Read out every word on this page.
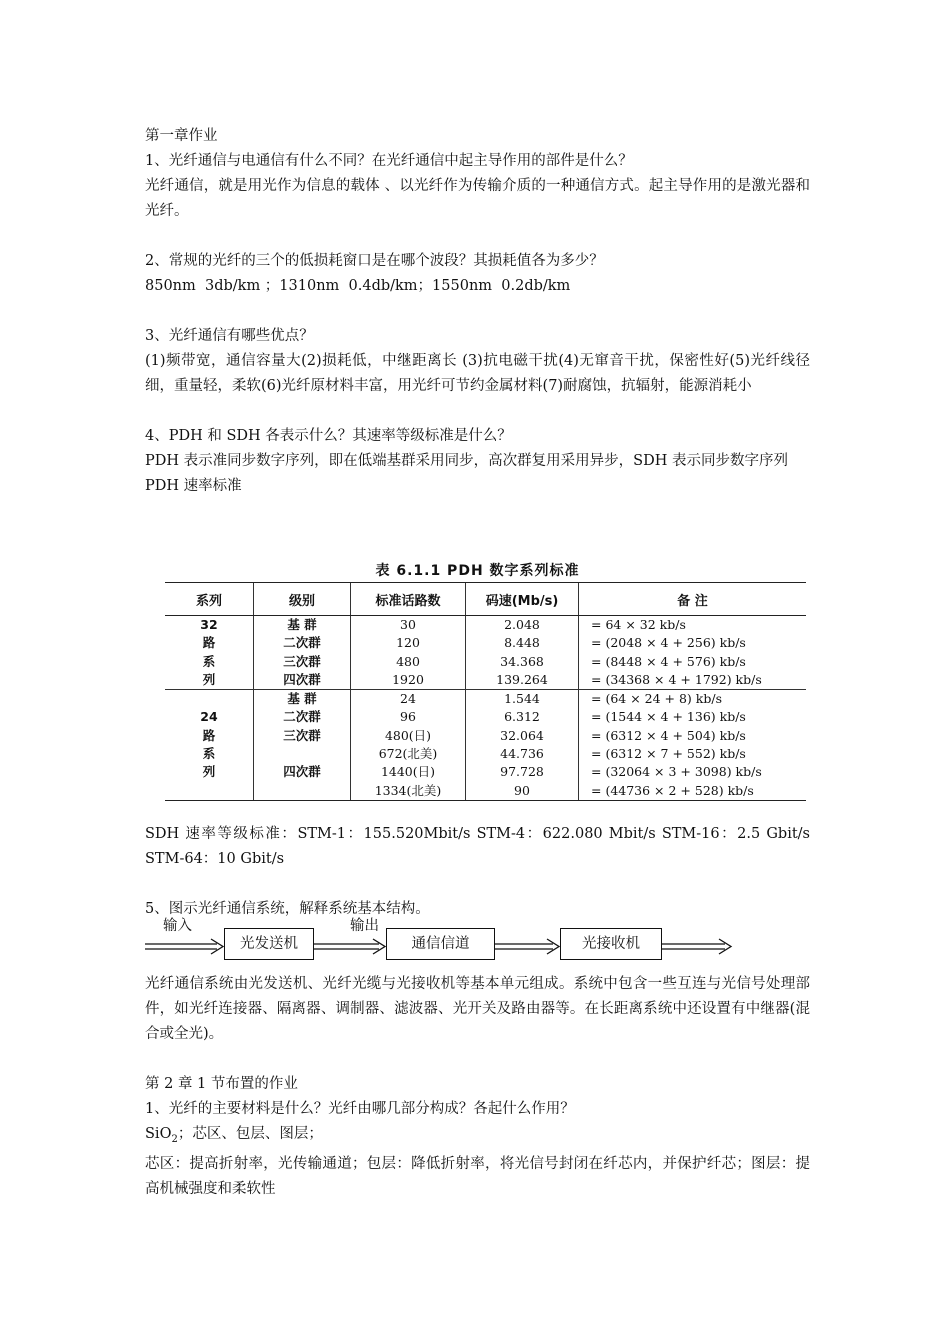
第一章作业
1、光纤通信与电通信有什么不同？在光纤通信中起主导作用的部件是什么？
光纤通信，就是用光作为信息的载体 、以光纤作为传输介质的一种通信方式。起主导作用的是激光器和光纤。
2、常规的光纤的三个的低损耗窗口是在哪个波段？其损耗值各为多少？
850nm  3db/km ；1310nm  0.4db/km；1550nm  0.2db/km
3、光纤通信有哪些优点？
(1)频带宽，通信容量大(2)损耗低，中继距离长 (3)抗电磁干扰(4)无窜音干扰，保密性好(5)光纤线径细，重量轻，柔软(6)光纤原材料丰富，用光纤可节约金属材料(7)耐腐蚀，抗辐射，能源消耗小
4、PDH 和 SDH 各表示什么？其速率等级标准是什么？
PDH 表示准同步数字序列，即在低端基群采用同步，高次群复用采用异步，SDH 表示同步数字序列
PDH 速率标准
表 6.1.1 PDH 数字系列标准
系列	级别	标准话路数	码速(Mb/s)	备 注
32	基 群	30	2.048	= 64 × 32 kb/s
路	二次群	120	8.448	= (2048 × 4 + 256) kb/s
系	三次群	480	34.368	= (8448 × 4 + 576) kb/s
列	四次群	1920	139.264	= (34368 × 4 + 1792) kb/s
	基 群	24	1.544	= (64 × 24 + 8) kb/s
24	二次群	96	6.312	= (1544 × 4 + 136) kb/s
路	三次群	480(日)	32.064	= (6312 × 4 + 504) kb/s
系		672(北美)	44.736	= (6312 × 7 + 552) kb/s
列	四次群	1440(日)	97.728	= (32064 × 3 + 3098) kb/s
		1334(北美)	90	= (44736 × 2 + 528) kb/s
SDH 速率等级标准：STM-1：155.520Mbit/s STM-4：622.080 Mbit/s STM-16：2.5 Gbit/s STM-64：10 Gbit/s
5、图示光纤通信系统，解释系统基本结构。
输入	输出
光发送机	通信信道	光接收机
光纤通信系统由光发送机、光纤光缆与光接收机等基本单元组成。系统中包含一些互连与光信号处理部件，如光纤连接器、隔离器、调制器、滤波器、光开关及路由器等。在长距离系统中还设置有中继器(混合或全光)。
第 2 章 1 节布置的作业
1、光纤的主要材料是什么？光纤由哪几部分构成？各起什么作用？
SiO$_2$；芯区、包层、图层；
芯区：提高折射率，光传输通道；包层：降低折射率，将光信号封闭在纤芯内，并保护纤芯；图层：提高机械强度和柔软性
